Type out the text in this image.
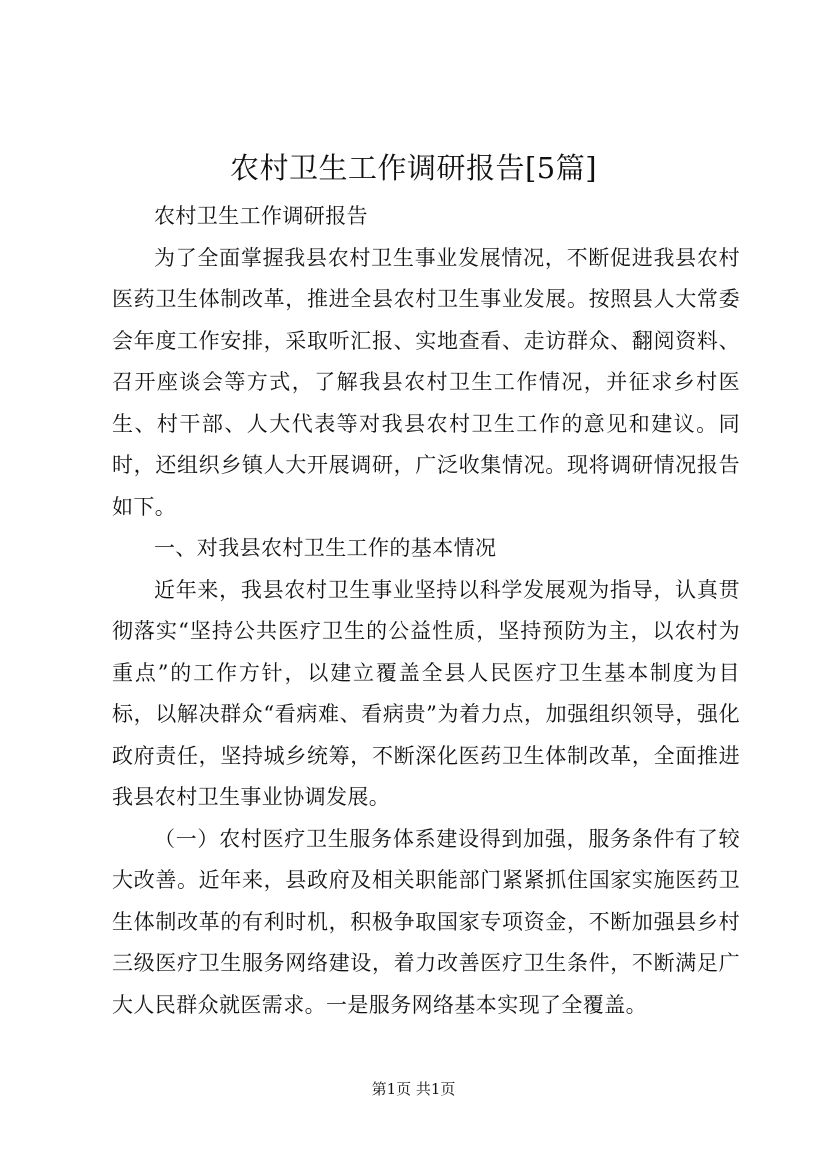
农村卫生工作调研报告[5篇]

农村卫生工作调研报告

为了全面掌握我县农村卫生事业发展情况，不断促进我县农村医药卫生体制改革，推进全县农村卫生事业发展。按照县人大常委会年度工作安排，采取听汇报、实地查看、走访群众、翻阅资料、召开座谈会等方式，了解我县农村卫生工作情况，并征求乡村医生、村干部、人大代表等对我县农村卫生工作的意见和建议。同时，还组织乡镇人大开展调研，广泛收集情况。现将调研情况报告如下。

一、对我县农村卫生工作的基本情况

近年来，我县农村卫生事业坚持以科学发展观为指导，认真贯彻落实“坚持公共医疗卫生的公益性质，坚持预防为主，以农村为重点”的工作方针，以建立覆盖全县人民医疗卫生基本制度为目标，以解决群众“看病难、看病贵”为着力点，加强组织领导，强化政府责任，坚持城乡统筹，不断深化医药卫生体制改革，全面推进我县农村卫生事业协调发展。

（一）农村医疗卫生服务体系建设得到加强，服务条件有了较大改善。近年来，县政府及相关职能部门紧紧抓住国家实施医药卫生体制改革的有利时机，积极争取国家专项资金，不断加强县乡村三级医疗卫生服务网络建设，着力改善医疗卫生条件，不断满足广大人民群众就医需求。一是服务网络基本实现了全覆盖。

第1页 共1页
